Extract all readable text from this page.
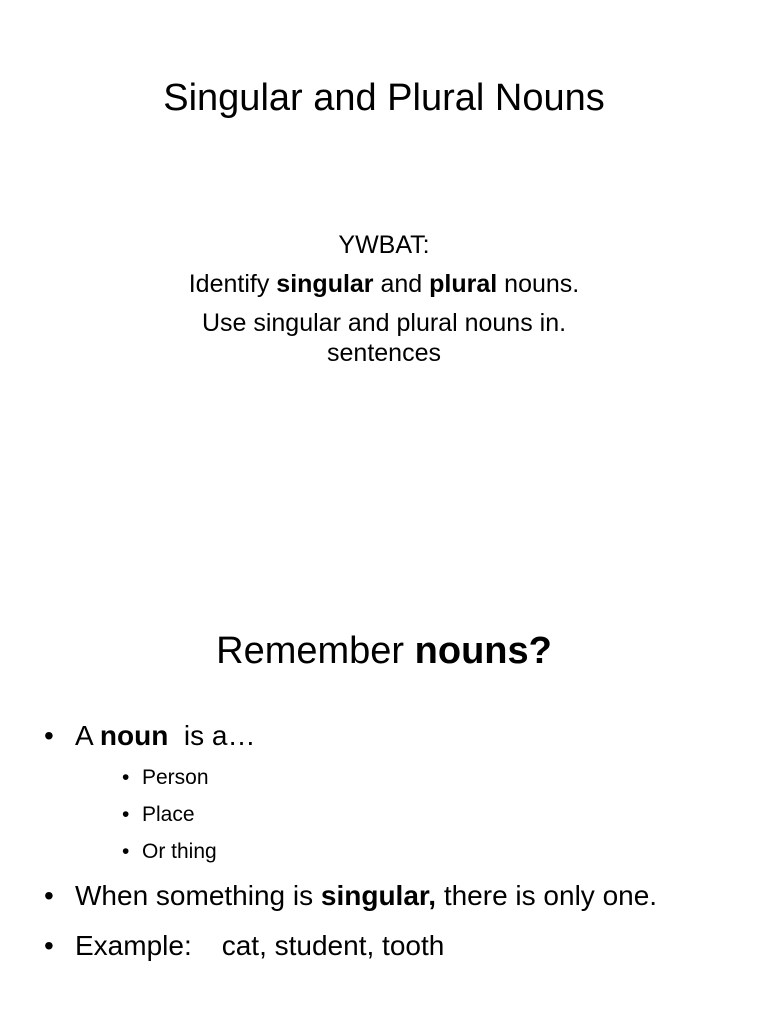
Singular and Plural Nouns
YWBAT:
Identify singular and plural nouns.
Use singular and plural nouns in.
sentences
Remember nouns?
• A noun  is a…
• Person
• Place
• Or thing
• When something is singular, there is only one.
• Example: cat, student, tooth
